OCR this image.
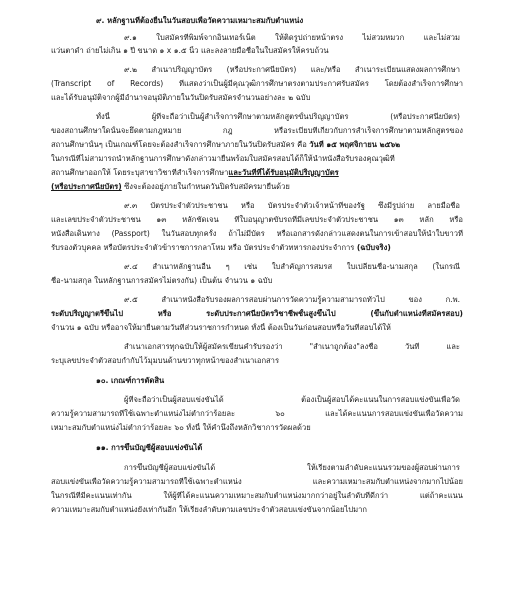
๙. หลักฐานที่ต้องยื่นในวันสอบเพื่อวัดความเหมาะสมกับตำแหน่ง
๙.๑ ใบสมัครที่พิมพ์จากอินเทอร์เน็ต ให้ติดรูปถ่ายหน้าตรง ไม่สวมหมวก และไม่สวม
แว่นตาดำ ถ่ายไม่เกิน ๑ ปี ขนาด ๑ x ๑.๕ นิ้ว และลงลายมือชื่อในใบสมัครให้ครบถ้วน
๙.๒ สำเนาปริญญาบัตร (หรือประกาศนียบัตร) และ/หรือ สำเนาระเบียนแสดงผลการศึกษา
(Transcript of Records) ที่แสดงว่าเป็นผู้มีคุณวุฒิการศึกษาตรงตามประกาศรับสมัคร โดยต้องสำเร็จการศึกษา
และได้รับอนุมัติจากผู้มีอำนาจอนุมัติภายในวันปิดรับสมัครจำนวนอย่างละ ๒ ฉบับ
ทั้งนี้ ผู้ที่จะถือว่าเป็นผู้สำเร็จการศึกษาตามหลักสูตรขั้นปริญญาบัตร (หรือประกาศนียบัตร)
ของสถานศึกษาใดนั้นจะยึดตามกฎหมาย กฎ หรือระเบียบที่เกี่ยวกับการสำเร็จการศึกษาตามหลักสูตรของ
สถานศึกษานั้นๆ เป็นเกณฑ์โดยจะต้องสำเร็จการศึกษาภายในวันปิดรับสมัคร คือ วันที่ ๑๕ พฤศจิกายน ๒๕๖๒
ในกรณีที่ไม่สามารถนำหลักฐานการศึกษาดังกล่าวมายื่นพร้อมใบสมัครสอบได้ก็ให้นำหนังสือรับรองคุณวุฒิที่
สถานศึกษาออกให้ โดยระบุสาขาวิชาที่สำเร็จการศึกษาและวันที่ที่ได้รับอนุมัติปริญญาบัตร
(หรือประกาศนียบัตร) ซึ่งจะต้องอยู่ภายในกำหนดวันปิดรับสมัครมายื่นด้วย
๙.๓ บัตรประจำตัวประชาชน หรือ บัตรประจำตัวเจ้าหน้าที่ของรัฐ ซึ่งมีรูปถ่าย ลายมือชื่อ
และเลขประจำตัวประชาชน ๑๓ หลักชัดเจน ที่ใบอนุญาตขับรถที่มีเลขประจำตัวประชาชน ๑๓ หลัก หรือ
หนังสือเดินทาง (Passport) ในวันสอบทุกครั้ง ถ้าไม่มีบัตร หรือเอกสารดังกล่าวแสดงตนในการเข้าสอบให้นำใบขาวที่
รับรองตัวบุคคล หรือบัตรประจำตัวข้าราชการกลาโหม หรือ บัตรประจำตัวทหารกองประจำการ (ฉบับจริง)
๙.๔ สำเนาหลักฐานอื่น ๆ เช่น ใบสำคัญการสมรส ใบเปลี่ยนชื่อ-นามสกุล (ในกรณี
ชื่อ-นามสกุล ในหลักฐานการสมัครไม่ตรงกัน) เป็นต้น จำนวน ๑ ฉบับ
๙.๕ สำเนาหนังสือรับรองผลการสอบผ่านการวัดความรู้ความสามารถทั่วไป ของ ก.พ.
ระดับปริญญาตรีขึ้นไป หรือ ระดับประกาศนียบัตรวิชาชีพชั้นสูงขึ้นไป (ขึ้นกับตำแหน่งที่สมัครสอบ)
จำนวน ๑ ฉบับ หรืออาจให้มายื่นตามวันที่ส่วนราชการกำหนด ทั้งนี้ ต้องเป็นวันก่อนสอบหรือวันที่สอบได้ให้
สำเนาเอกสารทุกฉบับให้ผู้สมัครเขียนคำรับรองว่า "สำเนาถูกต้อง"ลงชื่อ วันที่ และ
ระบุเลขประจำตัวสอบกำกับไว้มุมบนด้านขวาทุกหน้าของสำเนาเอกสาร
๑๐. เกณฑ์การตัดสิน
ผู้ที่จะถือว่าเป็นผู้สอบแข่งขันได้ ต้องเป็นผู้สอบได้คะแนนในการสอบแข่งขันเพื่อวัด
ความรู้ความสามารถที่ใช้เฉพาะตำแหน่งไม่ต่ำกว่าร้อยละ ๖๐ และได้คะแนนการสอบแข่งขันเพื่อวัดความ
เหมาะสมกับตำแหน่งไม่ต่ำกว่าร้อยละ ๖๐ ทั้งนี้ ให้คำนึงถึงหลักวิชาการวัดผลด้วย
๑๑. การขึ้นบัญชีผู้สอบแข่งขันได้
การขึ้นบัญชีผู้สอบแข่งขันได้ ให้เรียงตามลำดับคะแนนรวมของผู้สอบผ่านการ
สอบแข่งขันเพื่อวัดความรู้ความสามารถที่ใช้เฉพาะตำแหน่ง และความเหมาะสมกับตำแหน่งจากมากไปน้อย
ในกรณีที่มีคะแนนเท่ากัน ให้ผู้ที่ได้คะแนนความเหมาะสมกับตำแหน่งมากกว่าอยู่ในลำดับที่ดีกว่า แต่ถ้าคะแนน
ความเหมาะสมกับตำแหน่งยังเท่ากันอีก ให้เรียงลำดับตามเลขประจำตัวสอบแข่งขันจากน้อยไปมาก
